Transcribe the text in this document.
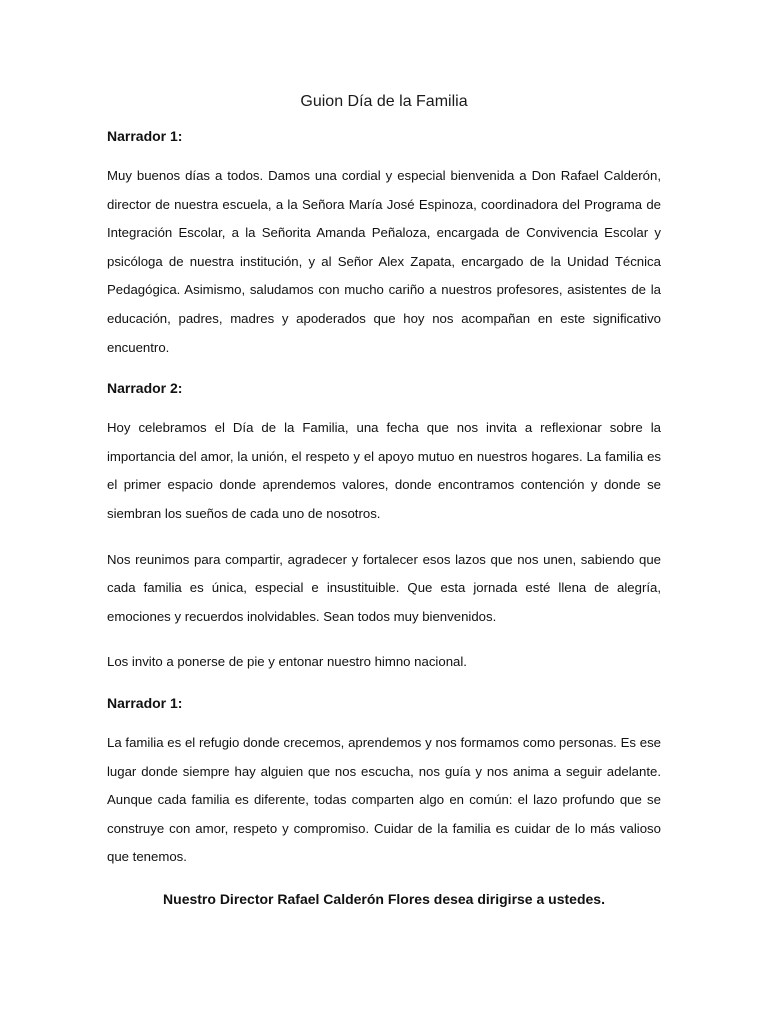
Guion Día de la Familia
Narrador 1:

Muy buenos días a todos. Damos una cordial y especial bienvenida a Don Rafael Calderón, director de nuestra escuela, a la Señora María José Espinoza, coordinadora del Programa de Integración Escolar, a la Señorita Amanda Peñaloza, encargada de Convivencia Escolar y psicóloga de nuestra institución, y al Señor Alex Zapata, encargado de la Unidad Técnica Pedagógica. Asimismo, saludamos con mucho cariño a nuestros profesores, asistentes de la educación, padres, madres y apoderados que hoy nos acompañan en este significativo encuentro.

Narrador 2:

Hoy celebramos el Día de la Familia, una fecha que nos invita a reflexionar sobre la importancia del amor, la unión, el respeto y el apoyo mutuo en nuestros hogares. La familia es el primer espacio donde aprendemos valores, donde encontramos contención y donde se siembran los sueños de cada uno de nosotros.

Nos reunimos para compartir, agradecer y fortalecer esos lazos que nos unen, sabiendo que cada familia es única, especial e insustituible. Que esta jornada esté llena de alegría, emociones y recuerdos inolvidables. Sean todos muy bienvenidos.

Los invito a ponerse de pie y entonar nuestro himno nacional.

Narrador 1:

La familia es el refugio donde crecemos, aprendemos y nos formamos como personas. Es ese lugar donde siempre hay alguien que nos escucha, nos guía y nos anima a seguir adelante. Aunque cada familia es diferente, todas comparten algo en común: el lazo profundo que se construye con amor, respeto y compromiso. Cuidar de la familia es cuidar de lo más valioso que tenemos.

Nuestro Director Rafael Calderón Flores desea dirigirse a ustedes.
